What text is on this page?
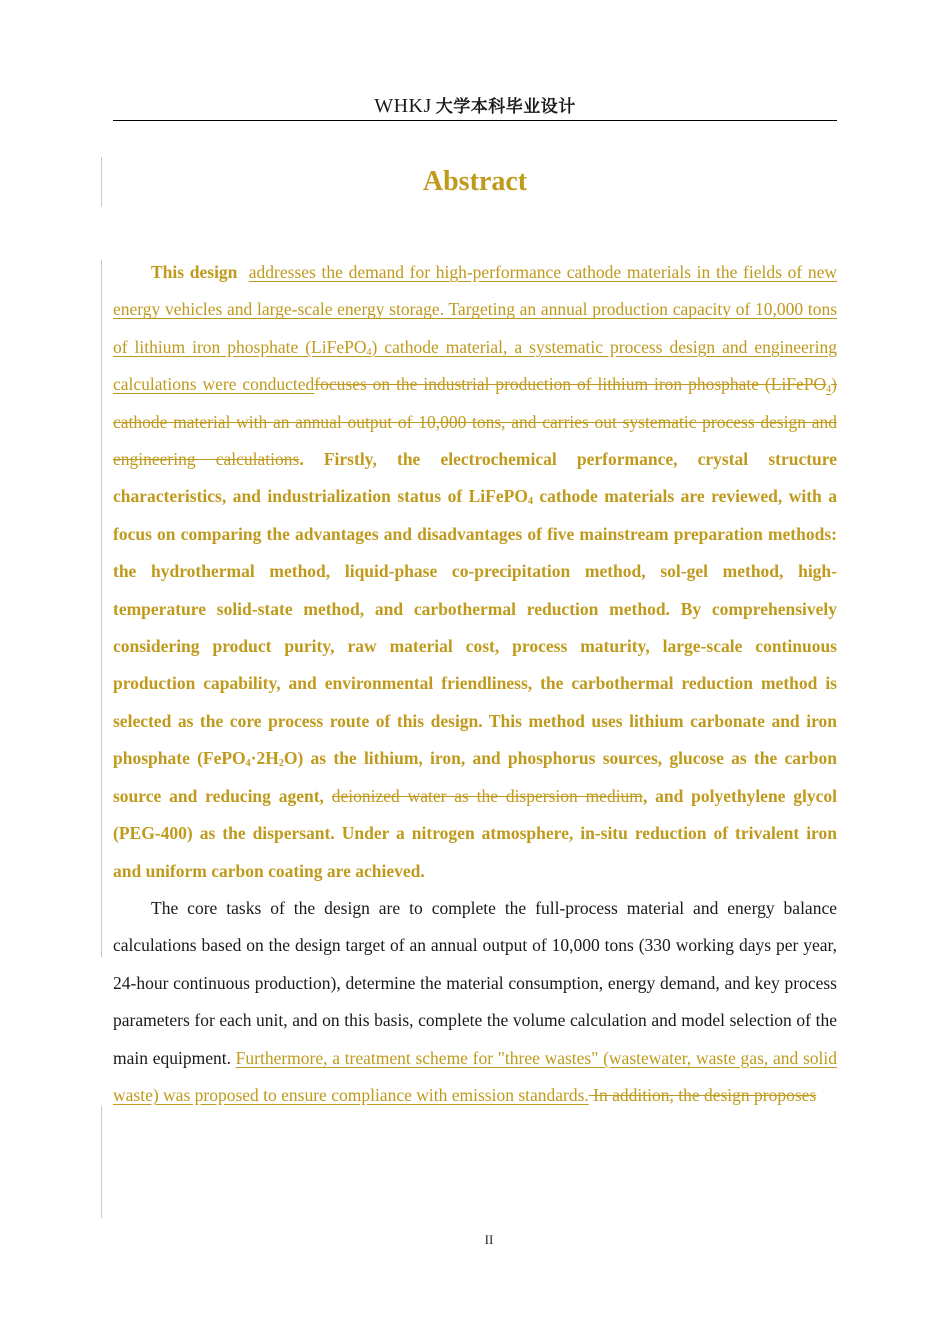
WHKJ 大学本科毕业设计
Abstract

This design addresses the demand for high-performance cathode materials in the fields of new energy vehicles and large-scale energy storage. Targeting an annual production capacity of 10,000 tons of lithium iron phosphate (LiFePO$_4$) cathode material, a systematic process design and engineering calculations were conductedfocuses on the industrial production of lithium iron phosphate (LiFePO$_4$) cathode material with an annual output of 10,000 tons, and carries out systematic process design and engineering calculations. Firstly, the electrochemical performance, crystal structure characteristics, and industrialization status of LiFePO$_4$ cathode materials are reviewed, with a focus on comparing the advantages and disadvantages of five mainstream preparation methods: the hydrothermal method, liquid-phase co-precipitation method, sol-gel method, high-temperature solid-state method, and carbothermal reduction method. By comprehensively considering product purity, raw material cost, process maturity, large-scale continuous production capability, and environmental friendliness, the carbothermal reduction method is selected as the core process route of this design. This method uses lithium carbonate and iron phosphate $(FePO_4\cdot 2H_2O)$ as the lithium, iron, and phosphorus sources, glucose as the carbon source and reducing agent, deionized water as the dispersion medium, and polyethylene glycol (PEG-400) as the dispersant. Under a nitrogen atmosphere, in-situ reduction of trivalent iron and uniform carbon coating are achieved.

The core tasks of the design are to complete the full-process material and energy balance calculations based on the design target of an annual output of 10,000 tons (330 working days per year, 24-hour continuous production), determine the material consumption, energy demand, and key process parameters for each unit, and on this basis, complete the volume calculation and model selection of the main equipment. Furthermore, a treatment scheme for "three wastes" (wastewater, waste gas, and solid waste) was proposed to ensure compliance with emission standards. In addition, the design proposes

II
